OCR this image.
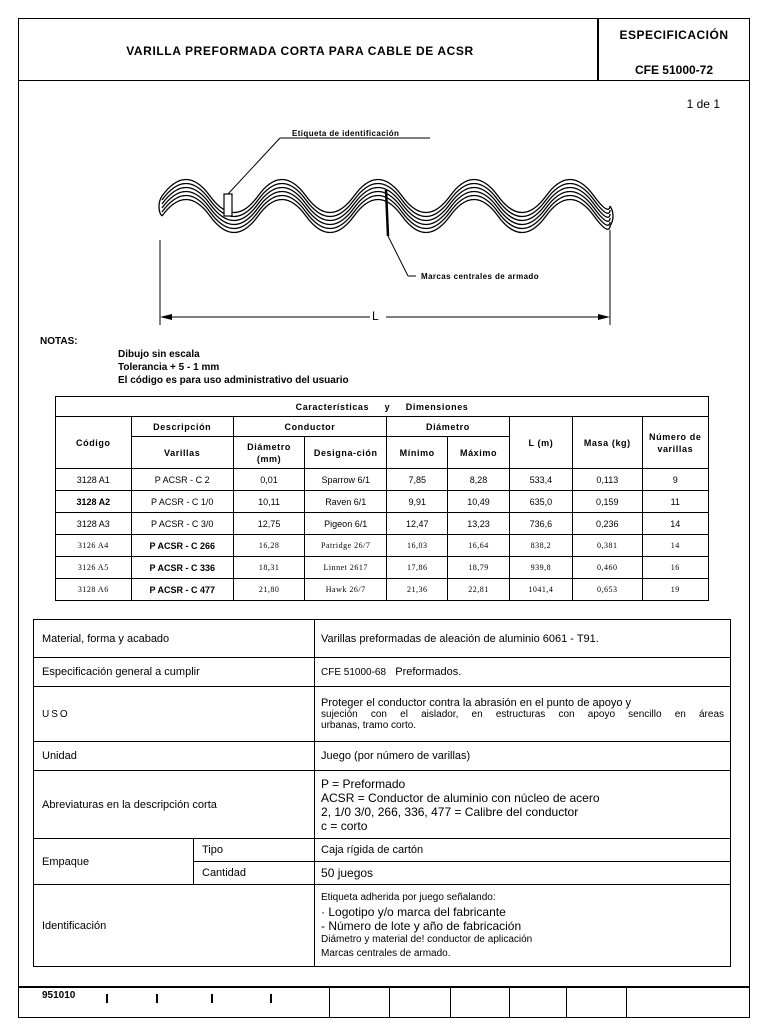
VARILLA PREFORMADA CORTA PARA CABLE DE ACSR
ESPECIFICACIÓN
CFE 51000-72
1 de 1
Etiqueta de identificación
Marcas centrales de armado
L
NOTAS:
Dibujo sin escala
Tolerancia + 5 - 1 mm
El código es para uso administrativo del usuario
Características y Dimensiones								
Código	Descripción	Conductor		Diámetro		L (m)	Masa (kg)	Número de varillas
	Varillas	Diámetro (mm)	Designa-ción	Mínimo	Máximo			
3128 A1	P ACSR - C 2	0,01	Sparrow 6/1	7,85	8,28	533,4	0,113	9
3128 A2	P ACSR - C 1/0	10,11	Raven 6/1	9,91	10,49	635,0	0,159	11
3128 A3	P ACSR - C 3/0	12,75	Pigeon 6/1	12,47	13,23	736,6	0,236	14
3126 A4	P ACSR - C 266	16,28	Patridge 26/7	16,03	16,64	838,2	0,381	14
3126 A5	P ACSR - C 336	18,31	Linnet 2617	17,86	18,79	939,8	0,460	16
3128 A6	P ACSR - C 477	21,80	Hawk 26/7	21,36	22,81	1041,4	0,653	19
Material, forma y acabado		Varillas preformadas de aleación de aluminio 6061 - T91.
Especificación general a cumplir		CFE 51000-68 Preformados.
USO		Proteger el conductor contra la abrasión en el punto de apoyo y
sujeción con el aislador, en estructuras con apoyo sencillo en áreas
urbanas, tramo corto.

Unidad		Juego (por número de varillas)
Abreviaturas en la descripción corta		P = Preformado
ACSR = Conductor de aluminio con núcleo de acero
2, 1/0 3/0, 266, 336, 477 = Calibre del conductor
c = corto

Empaque	Tipo	Caja rígida de cartón
	Cantidad	50 juegos
Identificación		Etiqueta adherida por juego señalando:
· Logotipo y/o marca del fabricante
- Número de lote y año de fabricación
Diámetro y material de! conductor de aplicación
Marcas centrales de armado.
951010
